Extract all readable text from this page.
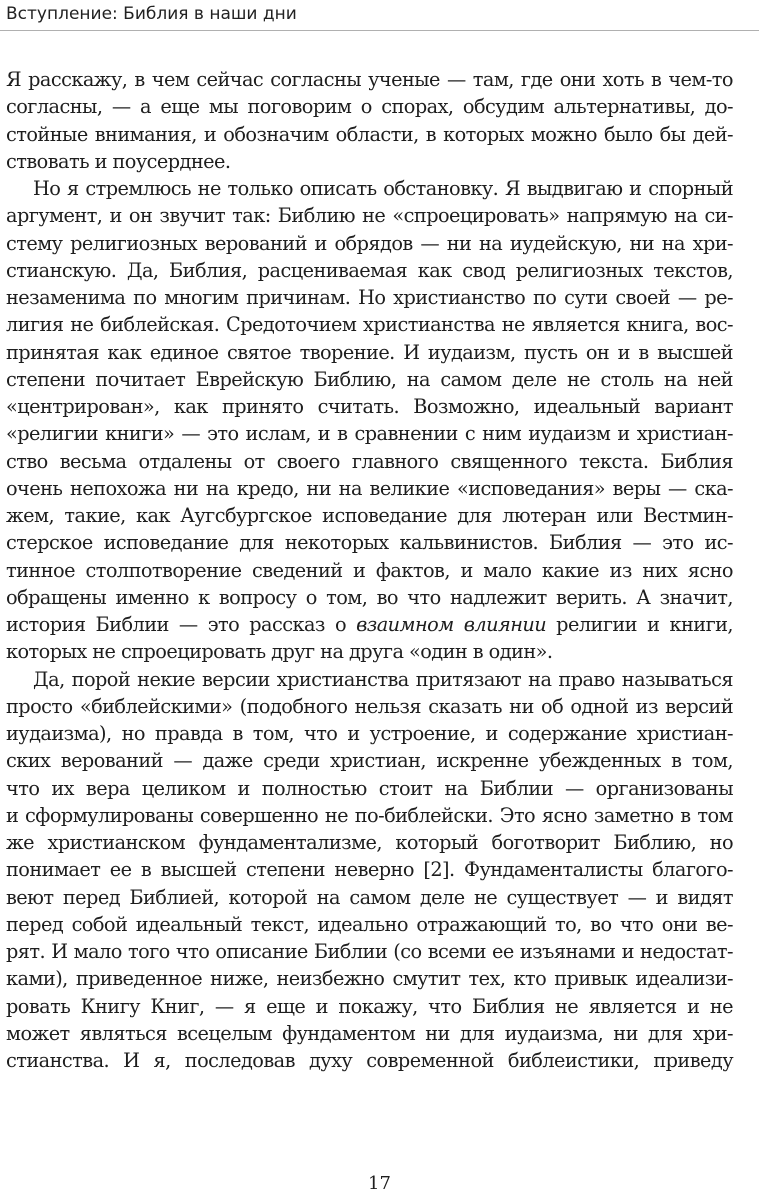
Вступление: Библия в наши дни
Я расскажу, в чем сейчас согласны ученые — там, где они хоть в чем-то
согласны, — а еще мы поговорим о спорах, обсудим альтернативы, до-
стойные внимания, и обозначим области, в которых можно было бы дей-
ствовать и поусерднее.
Но я стремлюсь не только описать обстановку. Я выдвигаю и спорный
аргумент, и он звучит так: Библию не «спроецировать» напрямую на си-
стему религиозных верований и обрядов — ни на иудейскую, ни на хри-
стианскую. Да, Библия, расцениваемая как свод религиозных текстов,
незаменима по многим причинам. Но христианство по сути своей — ре-
лигия не библейская. Средоточием христианства не является книга, вос-
принятая как единое святое творение. И иудаизм, пусть он и в высшей
степени почитает Еврейскую Библию, на самом деле не столь на ней
«центрирован», как принято считать. Возможно, идеальный вариант
«религии книги» — это ислам, и в сравнении с ним иудаизм и христиан-
ство весьма отдалены от своего главного священного текста. Библия
очень непохожа ни на кредо, ни на великие «исповедания» веры — ска-
жем, такие, как Аугсбургское исповедание для лютеран или Вестмин-
стерское исповедание для некоторых кальвинистов. Библия — это ис-
тинное столпотворение сведений и фактов, и мало какие из них ясно
обращены именно к вопросу о том, во что надлежит верить. А значит,
история Библии — это рассказ о взаимном влиянии религии и книги,
которых не спроецировать друг на друга «один в один».
Да, порой некие версии христианства притязают на право называться
просто «библейскими» (подобного нельзя сказать ни об одной из версий
иудаизма), но правда в том, что и устроение, и содержание христиан-
ских верований — даже среди христиан, искренне убежденных в том,
что их вера целиком и полностью стоит на Библии — организованы
и сформулированы совершенно не по-библейски. Это ясно заметно в том
же христианском фундаментализме, который боготворит Библию, но
понимает ее в высшей степени неверно [2]. Фундаменталисты благого-
веют перед Библией, которой на самом деле не существует — и видят
перед собой идеальный текст, идеально отражающий то, во что они ве-
рят. И мало того что описание Библии (со всеми ее изъянами и недостат-
ками), приведенное ниже, неизбежно смутит тех, кто привык идеализи-
ровать Книгу Книг, — я еще и покажу, что Библия не является и не
может являться всецелым фундаментом ни для иудаизма, ни для хри-
стианства. И я, последовав духу современной библеистики, приведу
17
